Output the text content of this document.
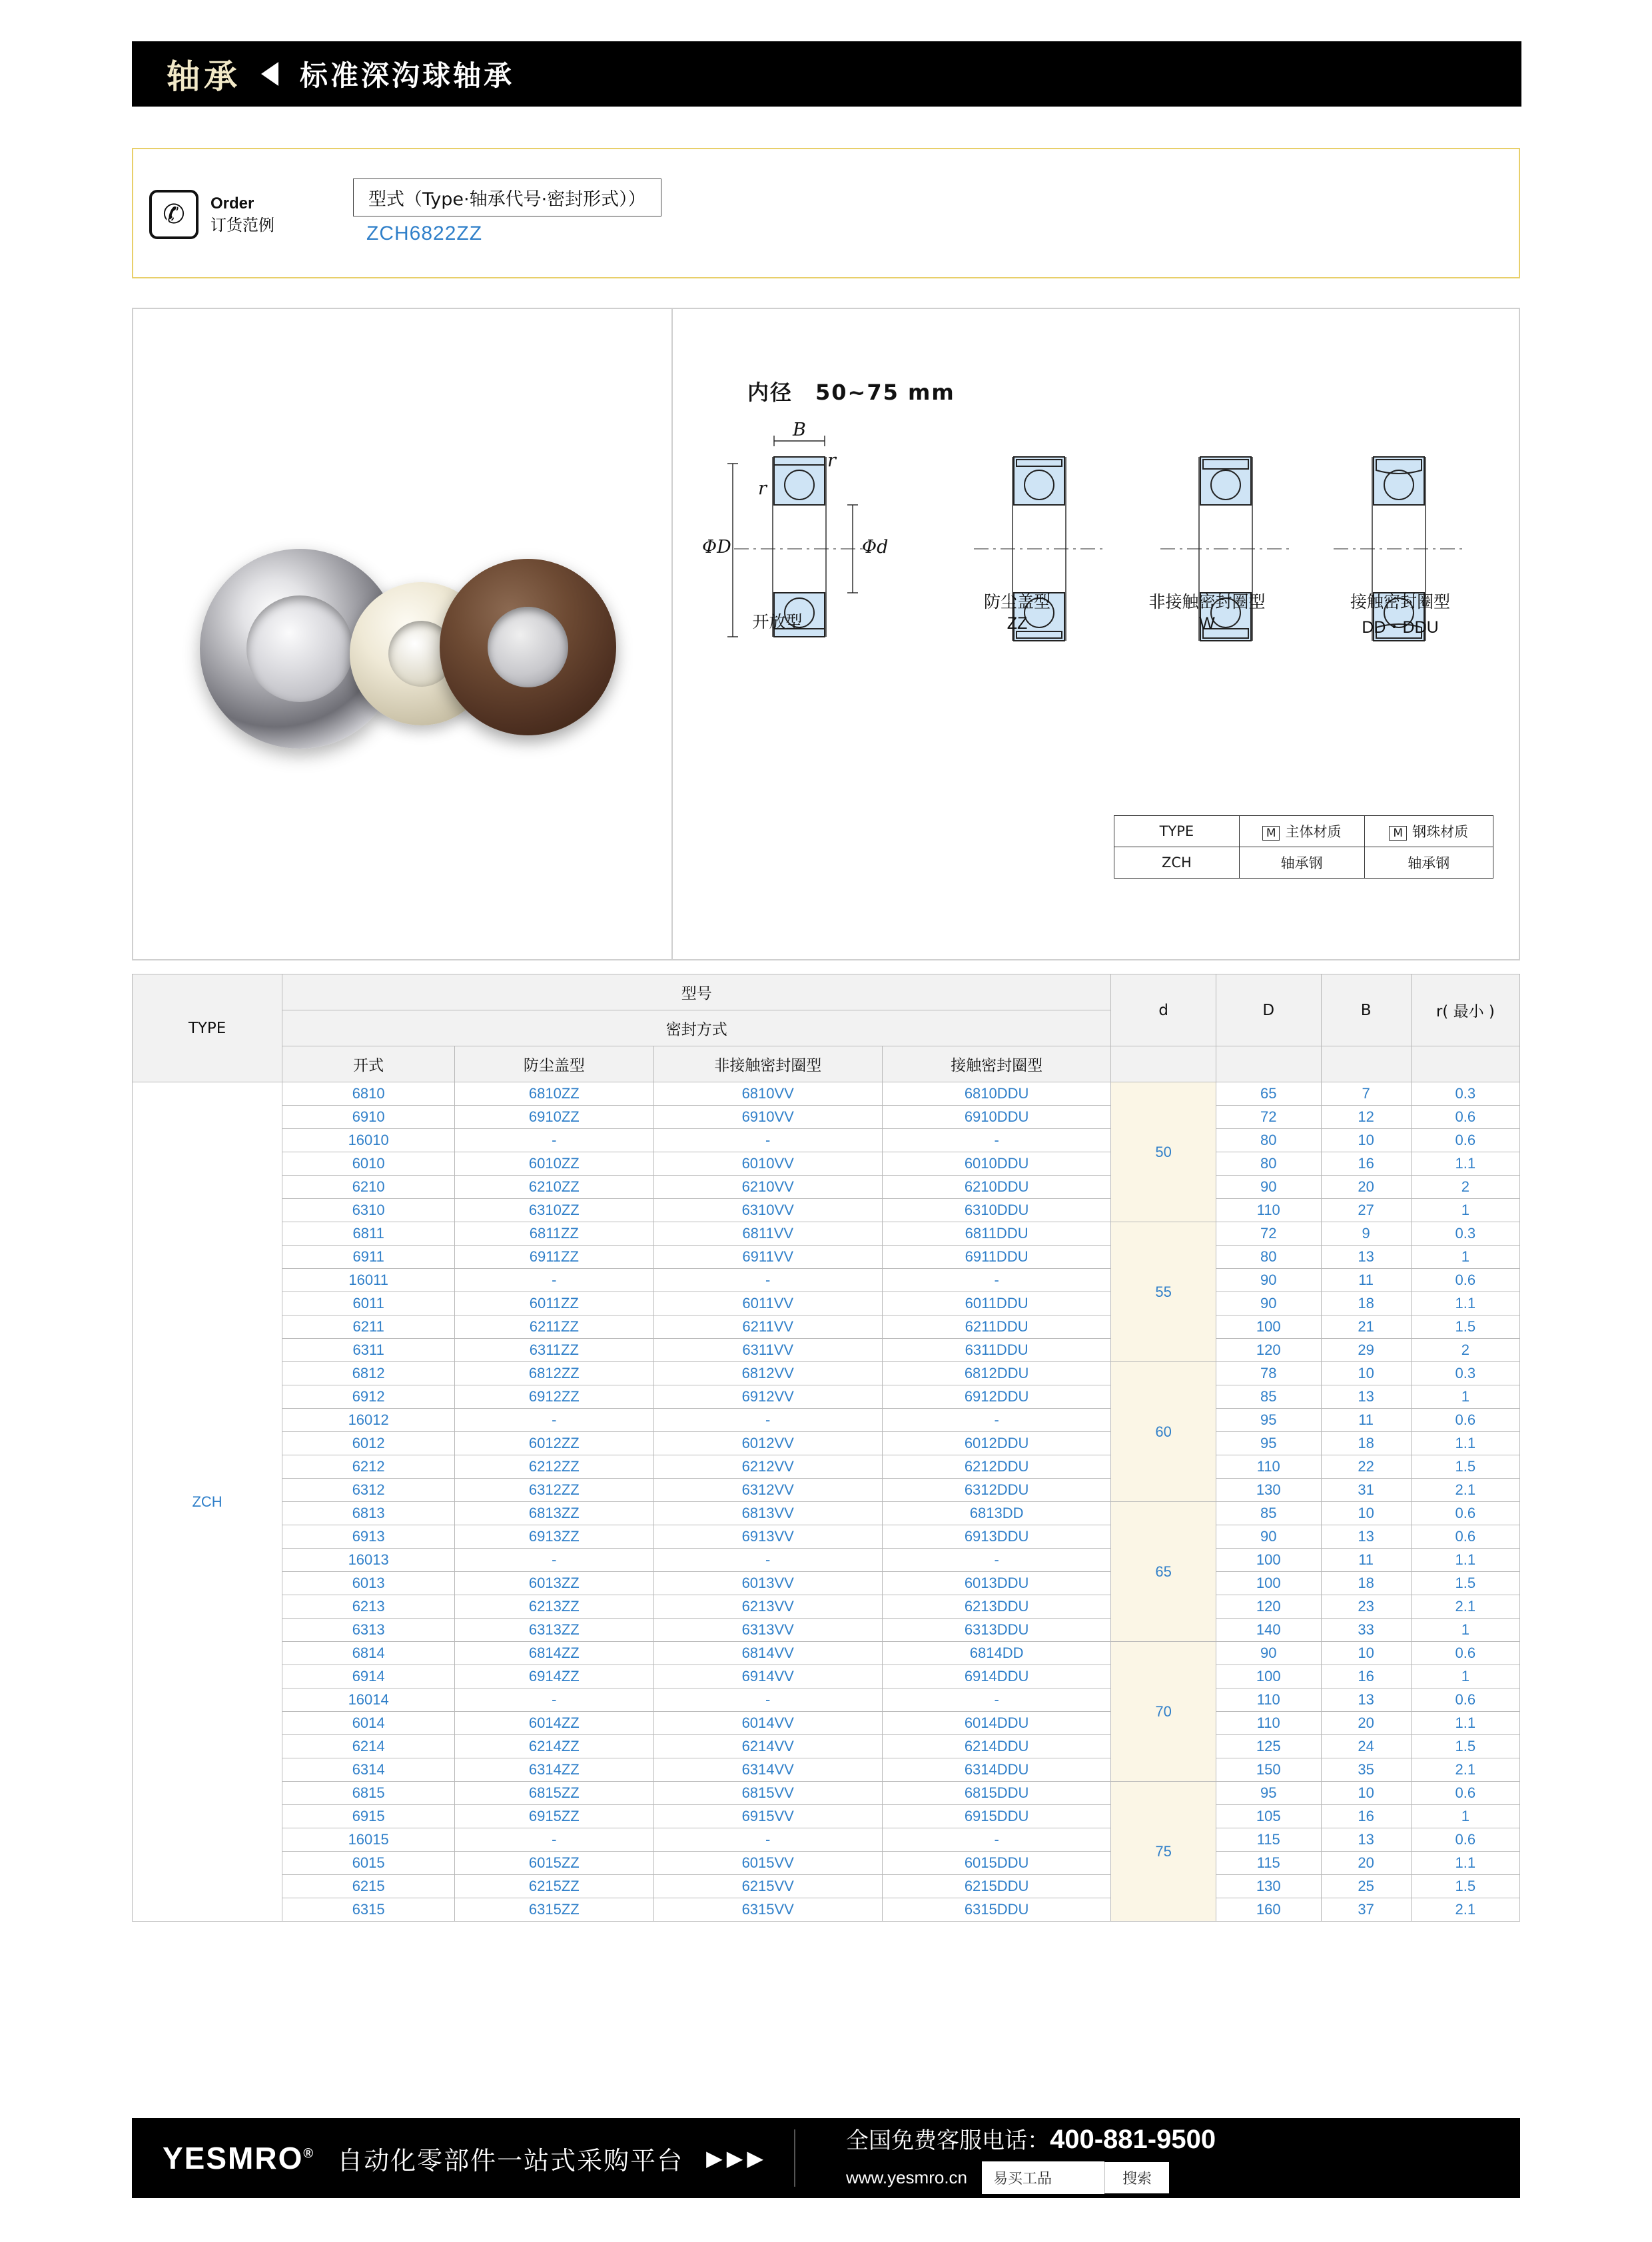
轴承 标准深沟球轴承
✆ Order
订货范例
型式（Type·轴承代号·密封形式））
ZCH6822ZZ
内径　50~75 mm
B
r
r
ΦD	Φd
开放型
防尘盖型
ZZ
非接触密封圈型
W
接触密封圈型
DD・DDU
TYPE	M 主体材质	M 钢珠材质
ZCH	轴承钢	轴承钢
TYPE	型号				d	D	B	r( 最小 )
	密封方式							
	开式	防尘盖型	非接触密封圈型	接触密封圈型				
ZCH	6810	6810ZZ	6810VV	6810DDU	50	65	7	0.3
	6910	6910ZZ	6910VV	6910DDU		72	12	0.6
	16010	-	-	-		80	10	0.6
	6010	6010ZZ	6010VV	6010DDU		80	16	1.1
	6210	6210ZZ	6210VV	6210DDU		90	20	2
	6310	6310ZZ	6310VV	6310DDU		110	27	1
	6811	6811ZZ	6811VV	6811DDU	55	72	9	0.3
	6911	6911ZZ	6911VV	6911DDU		80	13	1
	16011	-	-	-		90	11	0.6
	6011	6011ZZ	6011VV	6011DDU		90	18	1.1
	6211	6211ZZ	6211VV	6211DDU		100	21	1.5
	6311	6311ZZ	6311VV	6311DDU		120	29	2
	6812	6812ZZ	6812VV	6812DDU	60	78	10	0.3
	6912	6912ZZ	6912VV	6912DDU		85	13	1
	16012	-	-	-		95	11	0.6
	6012	6012ZZ	6012VV	6012DDU		95	18	1.1
	6212	6212ZZ	6212VV	6212DDU		110	22	1.5
	6312	6312ZZ	6312VV	6312DDU		130	31	2.1
	6813	6813ZZ	6813VV	6813DD	65	85	10	0.6
	6913	6913ZZ	6913VV	6913DDU		90	13	0.6
	16013	-	-	-		100	11	1.1
	6013	6013ZZ	6013VV	6013DDU		100	18	1.5
	6213	6213ZZ	6213VV	6213DDU		120	23	2.1
	6313	6313ZZ	6313VV	6313DDU		140	33	1
	6814	6814ZZ	6814VV	6814DD	70	90	10	0.6
	6914	6914ZZ	6914VV	6914DDU		100	16	1
	16014	-	-	-		110	13	0.6
	6014	6014ZZ	6014VV	6014DDU		110	20	1.1
	6214	6214ZZ	6214VV	6214DDU		125	24	1.5
	6314	6314ZZ	6314VV	6314DDU		150	35	2.1
	6815	6815ZZ	6815VV	6815DDU	75	95	10	0.6
	6915	6915ZZ	6915VV	6915DDU		105	16	1
	16015	-	-	-		115	13	0.6
	6015	6015ZZ	6015VV	6015DDU		115	20	1.1
	6215	6215ZZ	6215VV	6215DDU		130	25	1.5
	6315	6315ZZ	6315VV	6315DDU		160	37	2.1
YESMRO® 自动化零部件一站式采购平台 ▶▶▶
全国免费客服电话：400-881-9500
www.yesmro.cn	易买工品	搜索
